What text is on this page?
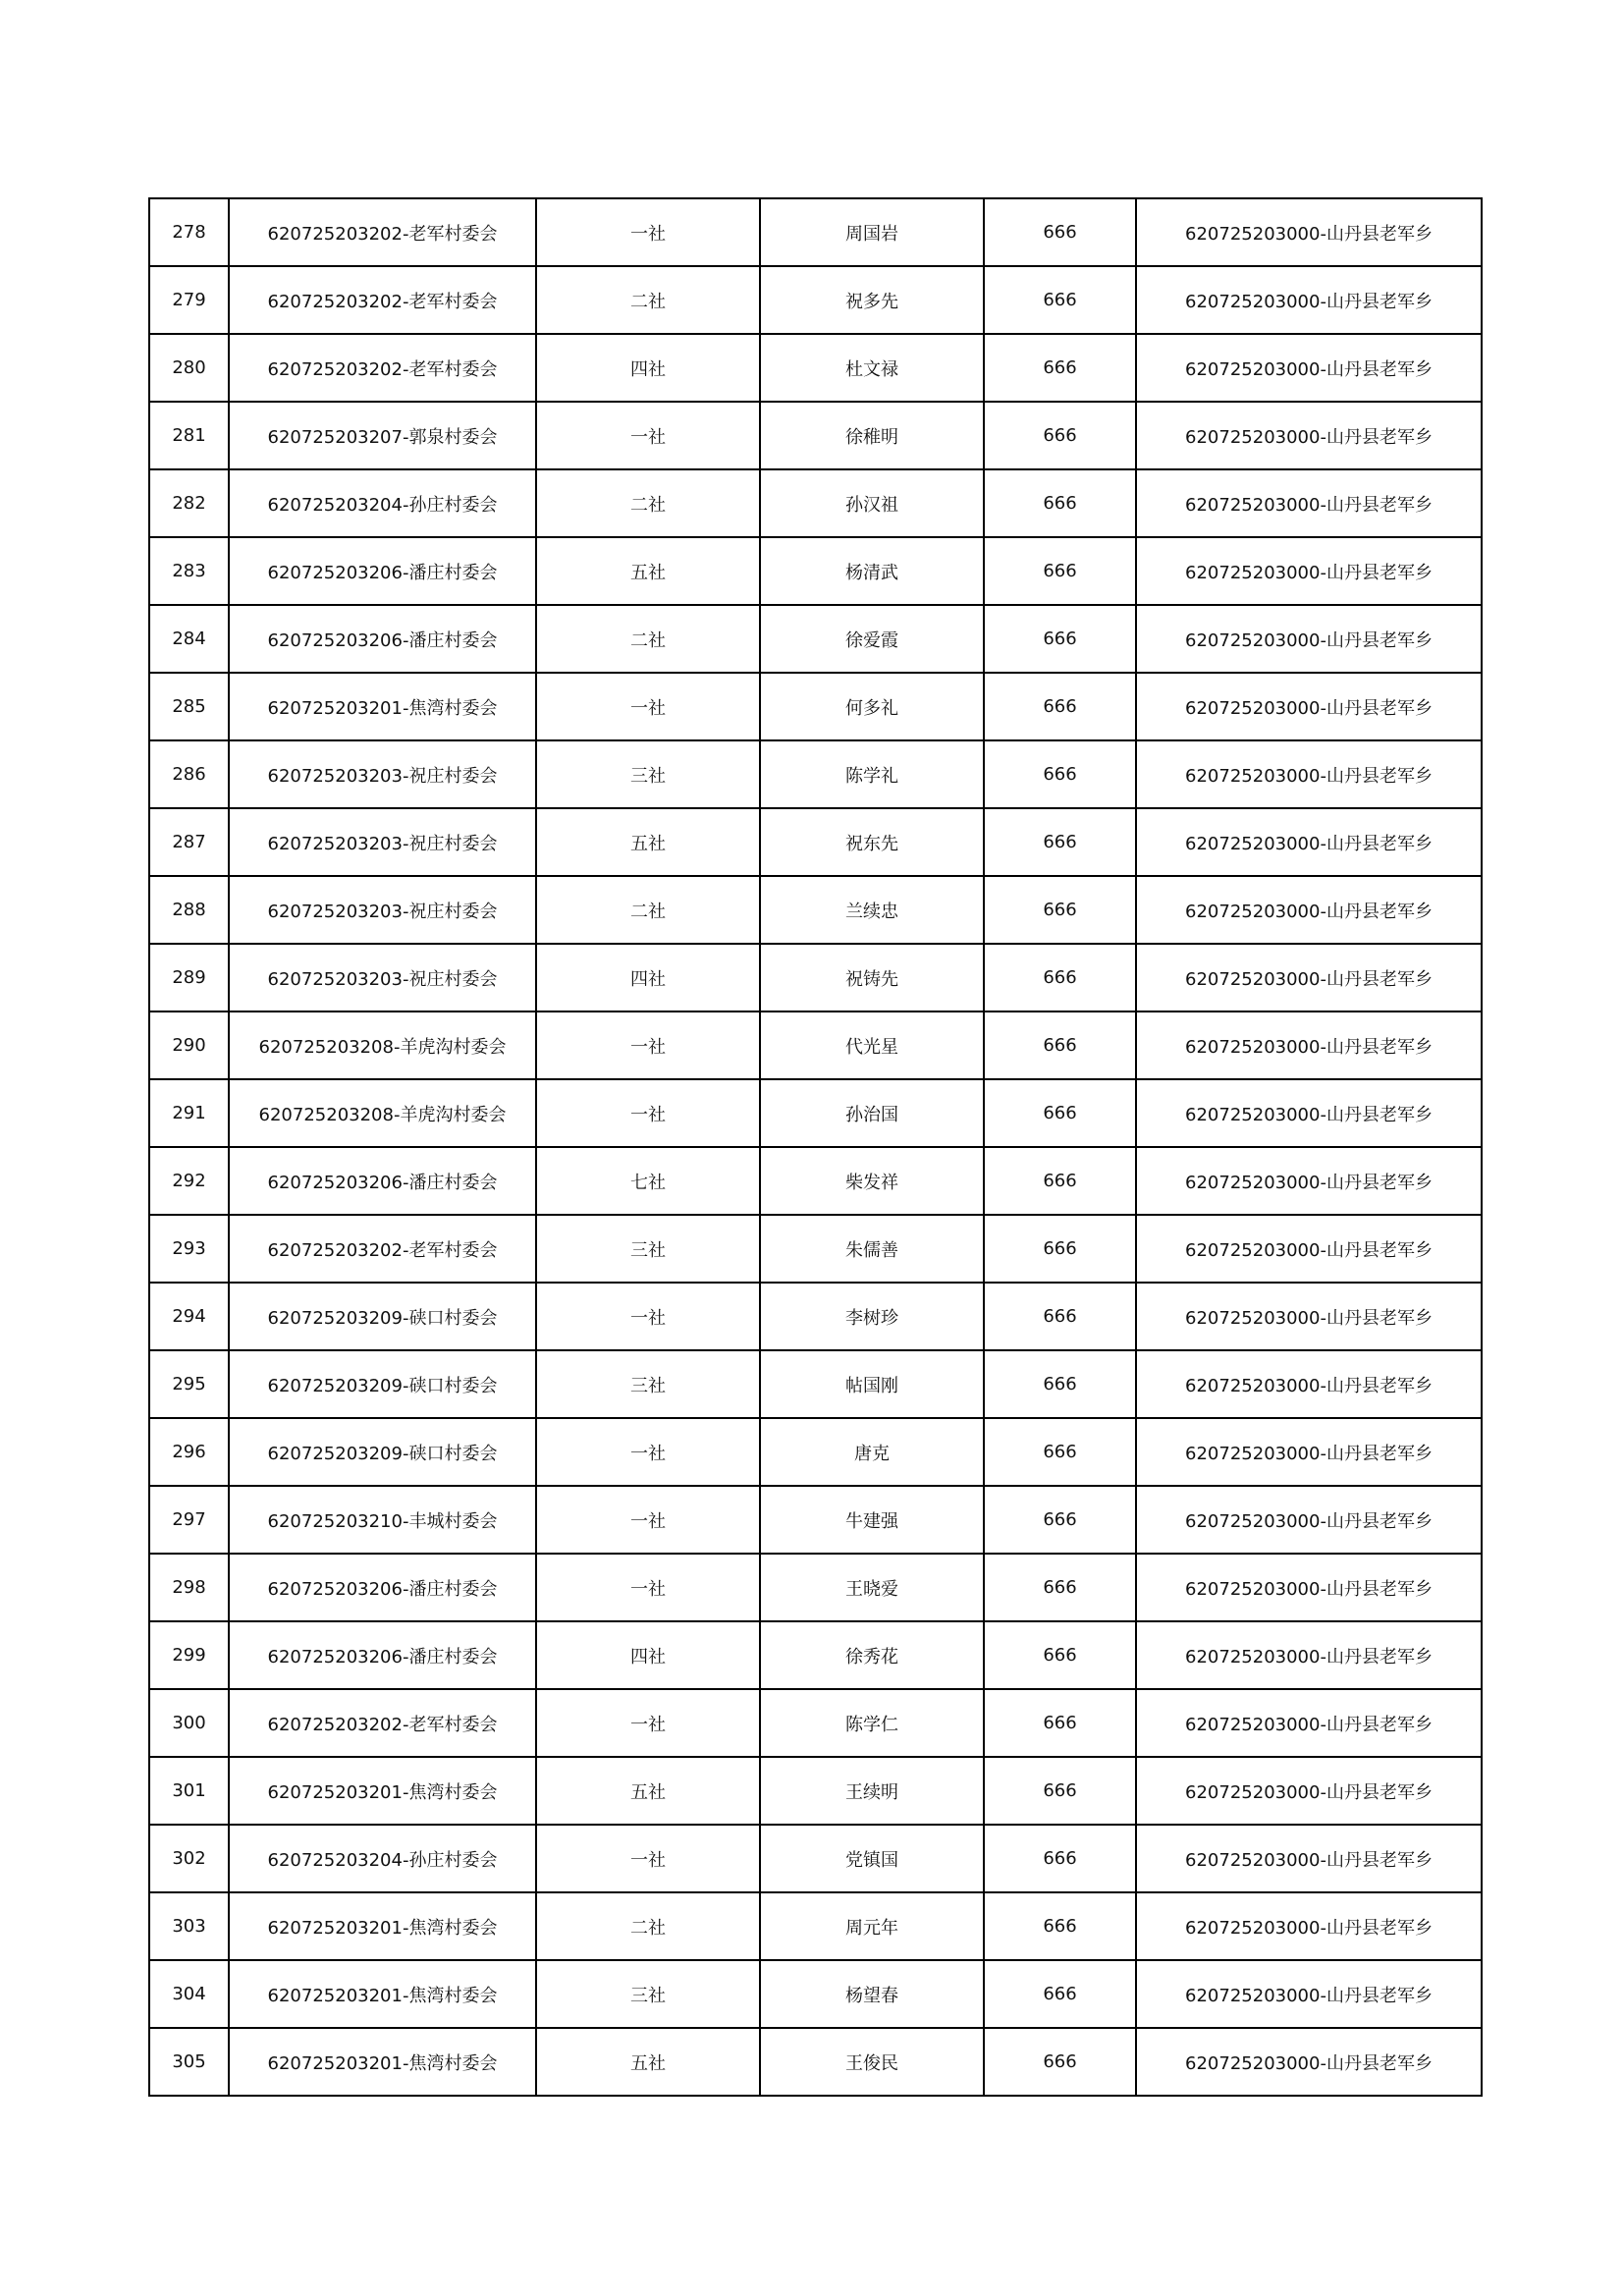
278	620725203202-老军村委会	一社	周国岩	666	620725203000-山丹县老军乡
279	620725203202-老军村委会	二社	祝多先	666	620725203000-山丹县老军乡
280	620725203202-老军村委会	四社	杜文禄	666	620725203000-山丹县老军乡
281	620725203207-郭泉村委会	一社	徐稚明	666	620725203000-山丹县老军乡
282	620725203204-孙庄村委会	二社	孙汉祖	666	620725203000-山丹县老军乡
283	620725203206-潘庄村委会	五社	杨清武	666	620725203000-山丹县老军乡
284	620725203206-潘庄村委会	二社	徐爱霞	666	620725203000-山丹县老军乡
285	620725203201-焦湾村委会	一社	何多礼	666	620725203000-山丹县老军乡
286	620725203203-祝庄村委会	三社	陈学礼	666	620725203000-山丹县老军乡
287	620725203203-祝庄村委会	五社	祝东先	666	620725203000-山丹县老军乡
288	620725203203-祝庄村委会	二社	兰续忠	666	620725203000-山丹县老军乡
289	620725203203-祝庄村委会	四社	祝铸先	666	620725203000-山丹县老军乡
290	620725203208-羊虎沟村委会	一社	代光星	666	620725203000-山丹县老军乡
291	620725203208-羊虎沟村委会	一社	孙治国	666	620725203000-山丹县老军乡
292	620725203206-潘庄村委会	七社	柴发祥	666	620725203000-山丹县老军乡
293	620725203202-老军村委会	三社	朱儒善	666	620725203000-山丹县老军乡
294	620725203209-硖口村委会	一社	李树珍	666	620725203000-山丹县老军乡
295	620725203209-硖口村委会	三社	帖国刚	666	620725203000-山丹县老军乡
296	620725203209-硖口村委会	一社	唐克	666	620725203000-山丹县老军乡
297	620725203210-丰城村委会	一社	牛建强	666	620725203000-山丹县老军乡
298	620725203206-潘庄村委会	一社	王晓爱	666	620725203000-山丹县老军乡
299	620725203206-潘庄村委会	四社	徐秀花	666	620725203000-山丹县老军乡
300	620725203202-老军村委会	一社	陈学仁	666	620725203000-山丹县老军乡
301	620725203201-焦湾村委会	五社	王续明	666	620725203000-山丹县老军乡
302	620725203204-孙庄村委会	一社	党镇国	666	620725203000-山丹县老军乡
303	620725203201-焦湾村委会	二社	周元年	666	620725203000-山丹县老军乡
304	620725203201-焦湾村委会	三社	杨望春	666	620725203000-山丹县老军乡
305	620725203201-焦湾村委会	五社	王俊民	666	620725203000-山丹县老军乡
